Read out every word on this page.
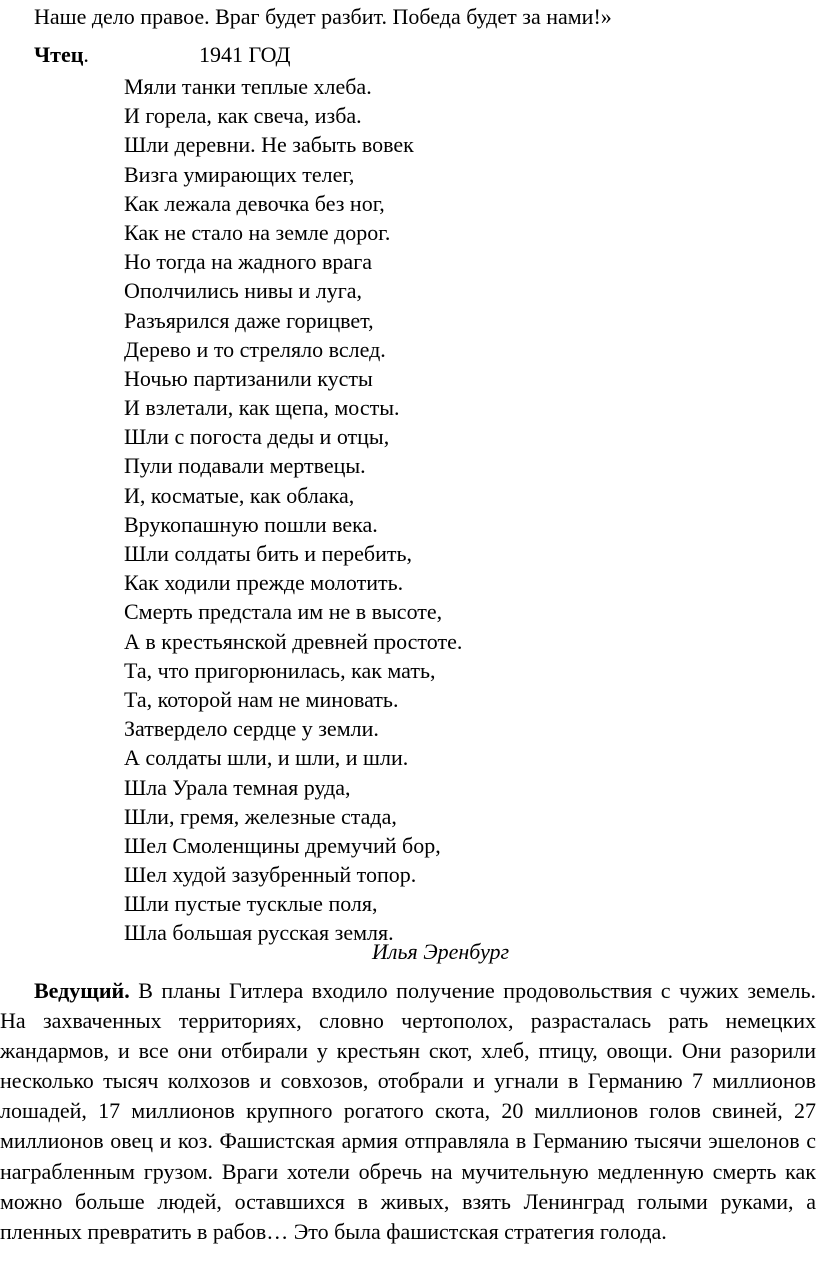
Наше дело правое. Враг будет разбит. Победа будет за нами!»
Чтец.	1941 ГОД
Мяли танки теплые хлеба.
И горела, как свеча, изба.
Шли деревни. Не забыть вовек
Визга умирающих телег,
Как лежала девочка без ног,
Как не стало на земле дорог.
Но тогда на жадного врага
Ополчились нивы и луга,
Разъярился даже горицвет,
Дерево и то стреляло вслед.
Ночью партизанили кусты
И взлетали, как щепа, мосты.
Шли с погоста деды и отцы,
Пули подавали мертвецы.
И, косматые, как облака,
Врукопашную пошли века.
Шли солдаты бить и перебить,
Как ходили прежде молотить.
Смерть предстала им не в высоте,
А в крестьянской древней простоте.
Та, что пригорюнилась, как мать,
Та, которой нам не миновать.
Затвердело сердце у земли.
А солдаты шли, и шли, и шли.
Шла Урала темная руда,
Шли, гремя, железные стада,
Шел Смоленщины дремучий бор,
Шел худой зазубренный топор.
Шли пустые тусклые поля,
Шла большая русская земля.
Илья Эренбург

Ведущий. В планы Гитлера входило получение продовольствия с чужих земель. На захваченных территориях, словно чертополох, разрасталась рать немецких жандармов, и все они отбирали у крестьян скот, хлеб, птицу, овощи. Они разорили несколько тысяч колхозов и совхозов, отобрали и угнали в Германию 7 миллионов лошадей, 17 миллионов крупного рогатого скота, 20 миллионов голов свиней, 27 миллионов овец и коз. Фашистская армия отправляла в Германию тысячи эшелонов с награбленным грузом. Враги хотели обречь на мучительную медленную смерть как можно больше людей, оставшихся в живых, взять Ленинград голыми руками, а пленных превратить в рабов… Это была фашистская стратегия голода.
